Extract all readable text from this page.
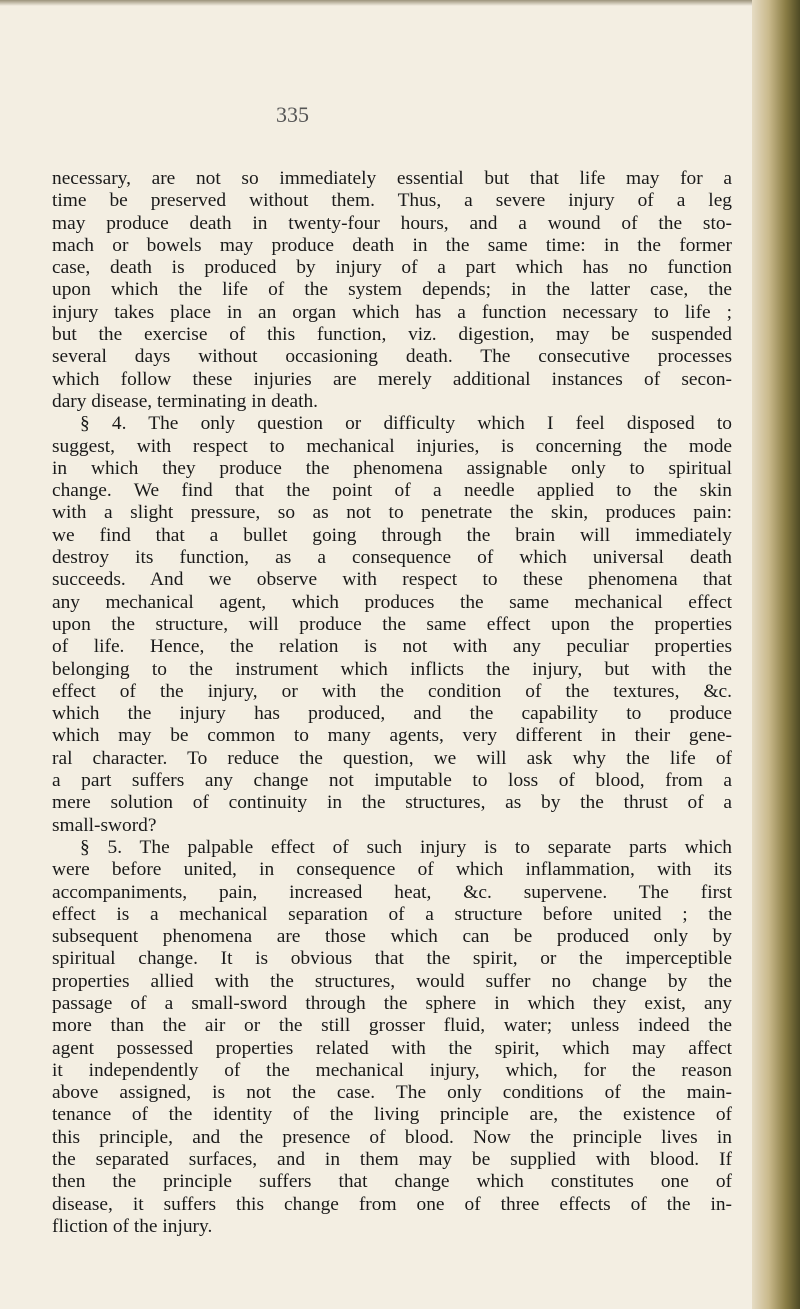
335
necessary, are not so immediately essential but that life may for a
time be preserved without them. Thus, a severe injury of a leg
may produce death in twenty-four hours, and a wound of the sto-
mach or bowels may produce death in the same time: in the former
case, death is produced by injury of a part which has no function
upon which the life of the system depends; in the latter case, the
injury takes place in an organ which has a function necessary to life ;
but the exercise of this function, viz. digestion, may be suspended
several days without occasioning death. The consecutive processes
which follow these injuries are merely additional instances of secon-
dary disease, terminating in death.
§ 4. The only question or difficulty which I feel disposed to
suggest, with respect to mechanical injuries, is concerning the mode
in which they produce the phenomena assignable only to spiritual
change. We find that the point of a needle applied to the skin
with a slight pressure, so as not to penetrate the skin, produces pain:
we find that a bullet going through the brain will immediately
destroy its function, as a consequence of which universal death
succeeds. And we observe with respect to these phenomena that
any mechanical agent, which produces the same mechanical effect
upon the structure, will produce the same effect upon the properties
of life. Hence, the relation is not with any peculiar properties
belonging to the instrument which inflicts the injury, but with the
effect of the injury, or with the condition of the textures, &c.
which the injury has produced, and the capability to produce
which may be common to many agents, very different in their gene-
ral character. To reduce the question, we will ask why the life of
a part suffers any change not imputable to loss of blood, from a
mere solution of continuity in the structures, as by the thrust of a
small-sword?
§ 5. The palpable effect of such injury is to separate parts which
were before united, in consequence of which inflammation, with its
accompaniments, pain, increased heat, &c. supervene. The first
effect is a mechanical separation of a structure before united ; the
subsequent phenomena are those which can be produced only by
spiritual change. It is obvious that the spirit, or the imperceptible
properties allied with the structures, would suffer no change by the
passage of a small-sword through the sphere in which they exist, any
more than the air or the still grosser fluid, water; unless indeed the
agent possessed properties related with the spirit, which may affect
it independently of the mechanical injury, which, for the reason
above assigned, is not the case. The only conditions of the main-
tenance of the identity of the living principle are, the existence of
this principle, and the presence of blood. Now the principle lives in
the separated surfaces, and in them may be supplied with blood. If
then the principle suffers that change which constitutes one of
disease, it suffers this change from one of three effects of the in-
fliction of the injury.
